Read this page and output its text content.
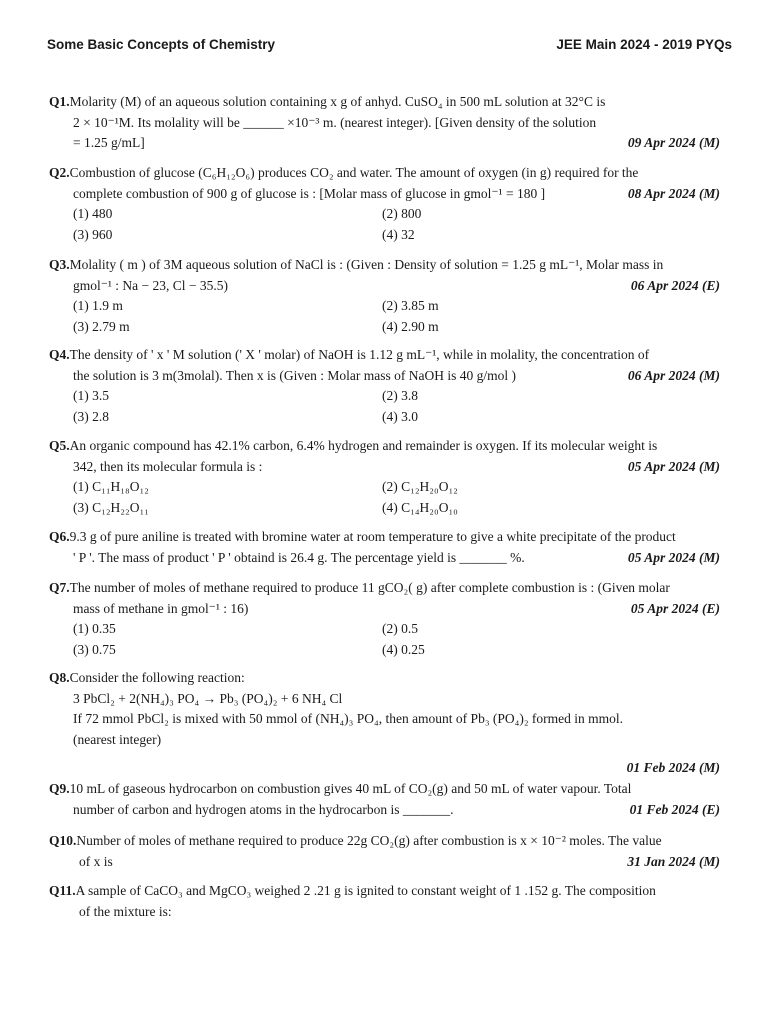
Some Basic Concepts of Chemistry	JEE Main 2024 - 2019 PYQs
Q1.Molarity (M) of an aqueous solution containing x g of anhyd. CuSO₄ in 500 mL solution at 32°C is
2 × 10⁻¹M. Its molality will be ______ ×10⁻³ m. (nearest integer). [Given density of the solution
= 1.25 g/mL]	09 Apr 2024 (M)
Q2.Combustion of glucose (C₆H₁₂O₆) produces CO₂ and water. The amount of oxygen (in g) required for the
complete combustion of 900 g of glucose is : [Molar mass of glucose in gmol⁻¹ = 180 ]	08 Apr 2024 (M)
(1) 480	(2) 800
(3) 960	(4) 32
Q3.Molality ( m ) of 3M aqueous solution of NaCl is : (Given : Density of solution = 1.25 g mL⁻¹, Molar mass in
gmol⁻¹ : Na − 23, Cl − 35.5)	06 Apr 2024 (E)
(1) 1.9 m	(2) 3.85 m
(3) 2.79 m	(4) 2.90 m
Q4.The density of ' x ' M solution (' X ' molar) of NaOH is 1.12 g mL⁻¹, while in molality, the concentration of
the solution is 3 m(3molal). Then x is (Given : Molar mass of NaOH is 40 g/mol )	06 Apr 2024 (M)
(1) 3.5	(2) 3.8
(3) 2.8	(4) 3.0
Q5.An organic compound has 42.1% carbon, 6.4% hydrogen and remainder is oxygen. If its molecular weight is
342, then its molecular formula is :	05 Apr 2024 (M)
(1) C₁₁H₁₈O₁₂	(2) C₁₂H₂₀O₁₂
(3) C₁₂H₂₂O₁₁	(4) C₁₄H₂₀O₁₀
Q6.9.3 g of pure aniline is treated with bromine water at room temperature to give a white precipitate of the product
' P '. The mass of product ' P ' obtaind is 26.4 g. The percentage yield is _______ %.	05 Apr 2024 (M)
Q7.The number of moles of methane required to produce 11 gCO₂( g) after complete combustion is : (Given molar
mass of methane in gmol⁻¹ : 16)	05 Apr 2024 (E)
(1) 0.35	(2) 0.5
(3) 0.75	(4) 0.25
Q8.Consider the following reaction:
3 PbCl₂ + 2(NH₄)₃ PO₄ → Pb₃ (PO₄)₂ + 6 NH₄ Cl
If 72 mmol PbCl₂ is mixed with 50 mmol of (NH₄)₃ PO₄, then amount of Pb₃ (PO₄)₂ formed in mmol.
(nearest integer)
01 Feb 2024 (M)
Q9.10 mL of gaseous hydrocarbon on combustion gives 40 mL of CO₂(g) and 50 mL of water vapour. Total
number of carbon and hydrogen atoms in the hydrocarbon is _______.	01 Feb 2024 (E)
Q10.Number of moles of methane required to produce 22g CO₂(g) after combustion is x × 10⁻² moles. The value
of x is	31 Jan 2024 (M)
Q11.A sample of CaCO₃ and MgCO₃ weighed 2 .21 g is ignited to constant weight of 1 .152 g. The composition
of the mixture is:
